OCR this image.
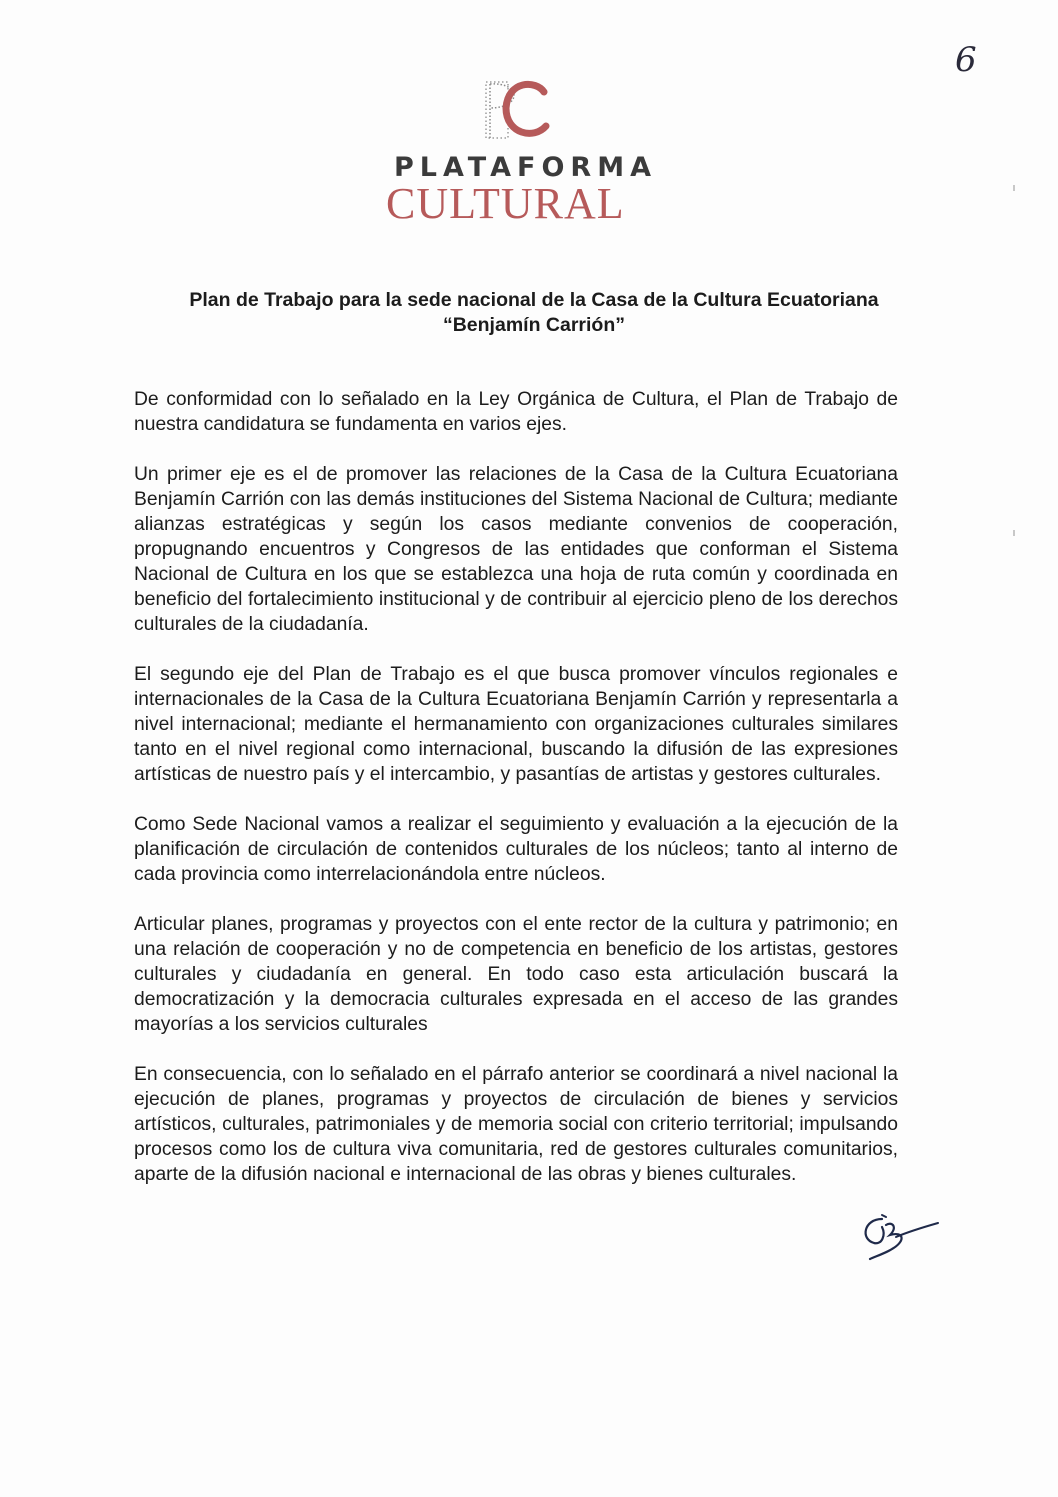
6
PLATAFORMA
CULTURAL
Plan de Trabajo para la sede nacional de la Casa de la Cultura Ecuatoriana
“Benjamín Carrión”

De conformidad con lo señalado en la Ley Orgánica de Cultura, el Plan de Trabajo de nuestra candidatura se fundamenta en varios ejes.

Un primer eje es el de promover las relaciones de la Casa de la Cultura Ecuatoriana Benjamín Carrión con las demás instituciones del Sistema Nacional de Cultura; mediante alianzas estratégicas y según los casos mediante convenios de cooperación, propugnando encuentros y Congresos de las entidades que conforman el Sistema Nacional de Cultura en los que se establezca una hoja de ruta común y coordinada en beneficio del fortalecimiento institucional y de contribuir al ejercicio pleno de los derechos culturales de la ciudadanía.

El segundo eje del Plan de Trabajo es el que busca promover vínculos regionales e internacionales de la Casa de la Cultura Ecuatoriana Benjamín Carrión y representarla a nivel internacional; mediante el hermanamiento con organizaciones culturales similares tanto en el nivel regional como internacional, buscando la difusión de las expresiones artísticas de nuestro país y el intercambio, y pasantías de artistas y gestores culturales.

Como Sede Nacional vamos a realizar el seguimiento y evaluación a la ejecución de la planificación de circulación de contenidos culturales de los núcleos; tanto al interno de cada provincia como interrelacionándola entre núcleos.

Articular planes, programas y proyectos con el ente rector de la cultura y patrimonio; en una relación de cooperación y no de competencia en beneficio de los artistas, gestores culturales y ciudadanía en general. En todo caso esta articulación buscará la democratización y la democracia culturales expresada en el acceso de las grandes mayorías a los servicios culturales

En consecuencia, con lo señalado en el párrafo anterior se coordinará a nivel nacional la ejecución de planes, programas y proyectos de circulación de bienes y servicios artísticos, culturales, patrimoniales y de memoria social con criterio territorial; impulsando procesos como los de cultura viva comunitaria, red de gestores culturales comunitarios, aparte de la difusión nacional e internacional de las obras y bienes culturales.
